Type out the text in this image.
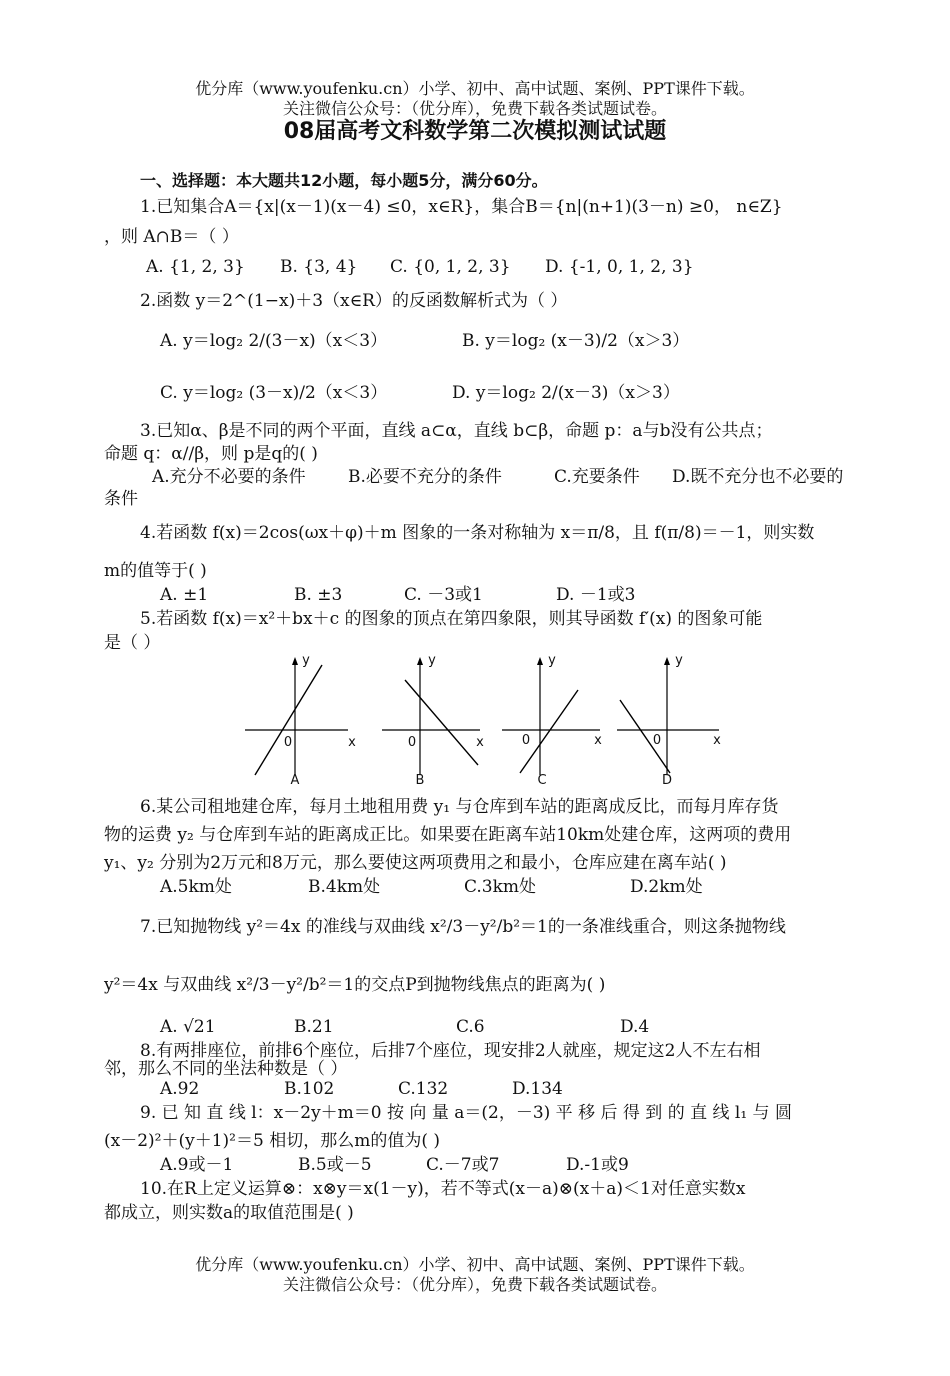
优分库（www.youfenku.cn）小学、初中、高中试题、案例、PPT课件下载。
关注微信公众号：（优分库），免费下载各类试题试卷。
08届高考文科数学第二次模拟测试试题
一、选择题：本大题共12小题，每小题5分，满分60分。
1.已知集合A＝{x|(x－1)(x－4) ≤0，x∈R}，集合B＝{n|(n+1)(3－n) ≥0， n∈Z}
，则 A∩B＝（ ）
A. {1, 2, 3} B. {3, 4} C. {0, 1, 2, 3} D. {-1, 0, 1, 2, 3}
2.函数 y＝2^(1−x)＋3（x∈R）的反函数解析式为（ ）
A. y＝log₂ 2/(3－x)（x＜3）	B. y＝log₂ (x－3)/2（x＞3）
C. y＝log₂ (3－x)/2（x＜3）	D. y＝log₂ 2/(x－3)（x＞3）
3.已知α、β是不同的两个平面，直线 a⊂α，直线 b⊂β，命题 p：a与b没有公共点；
命题 q：α//β，则 p是q的( )
A.充分不必要的条件 B.必要不充分的条件	C.充要条件 D.既不充分也不必要的
条件
4.若函数 f(x)＝2cos(ωx＋φ)＋m 图象的一条对称轴为 x＝π/8，且 f(π/8)＝－1，则实数
m的值等于( )
A. ±1	B. ±3	C. －3或1	D. －1或3
5.若函数 f(x)＝x²＋bx＋c 的图象的顶点在第四象限，则其导函数 f′(x) 的图象可能
是（ ）
y
x
0
A
y
x
0
B
y
x
0
C
y
x
0
D
6.某公司租地建仓库，每月土地租用费 y₁ 与仓库到车站的距离成反比，而每月库存货
物的运费 y₂ 与仓库到车站的距离成正比。如果要在距离车站10km处建仓库，这两项的费用
y₁、y₂ 分别为2万元和8万元，那么要使这两项费用之和最小，仓库应建在离车站( )
A.5km处	B.4km处	C.3km处	D.2km处
7.已知抛物线 y²＝4x 的准线与双曲线 x²/3－y²/b²＝1的一条准线重合，则这条抛物线
y²＝4x 与双曲线 x²/3－y²/b²＝1的交点P到抛物线焦点的距离为( )
A. √21	B.21	C.6	D.4
8.有两排座位，前排6个座位，后排7个座位，现安排2人就座，规定这2人不左右相
邻，那么不同的坐法种数是（ ）
A.92	B.102	C.132	D.134
9. 已 知 直 线 l：x－2y＋m＝0 按 向 量 a＝(2，－3) 平 移 后 得 到 的 直 线 l₁ 与 圆
(x－2)²＋(y＋1)²＝5 相切，那么m的值为( )
A.9或－1	B.5或－5	C.－7或7	D.-1或9
10.在R上定义运算⊗：x⊗y＝x(1－y)，若不等式(x－a)⊗(x＋a)＜1对任意实数x
都成立，则实数a的取值范围是( )
优分库（www.youfenku.cn）小学、初中、高中试题、案例、PPT课件下载。
关注微信公众号：（优分库），免费下载各类试题试卷。
